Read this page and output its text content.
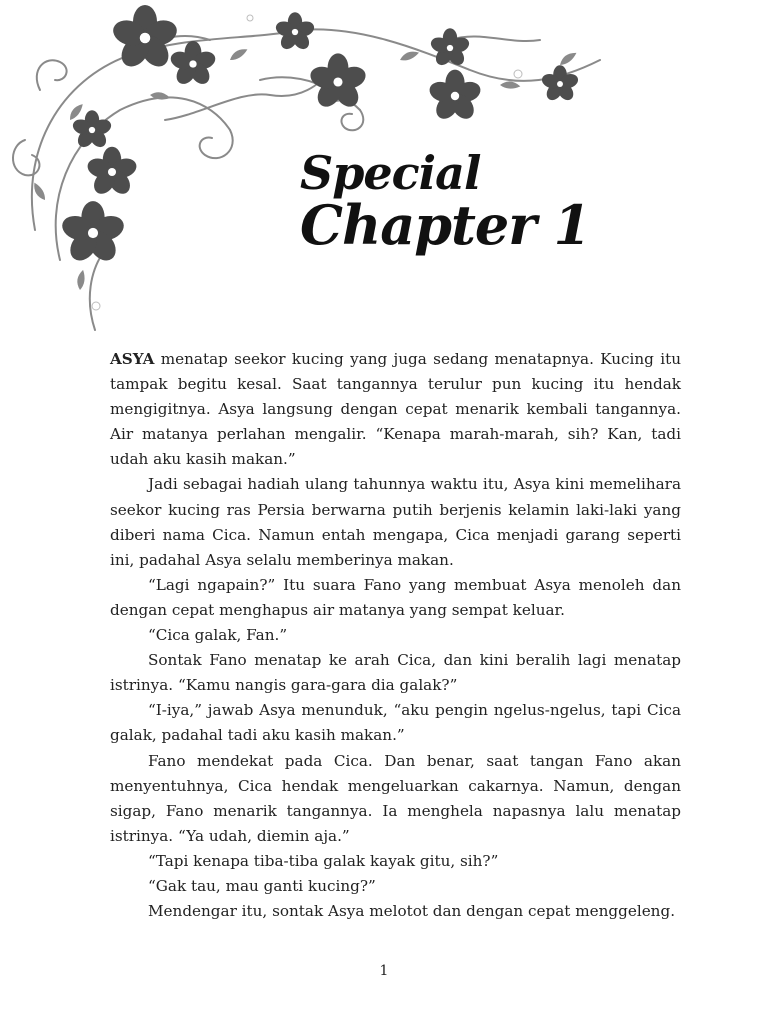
Special
Chapter 1

ASYA menatap seekor kucing yang juga sedang menatapnya. Kucing itu tampak begitu kesal. Saat tangannya terulur pun kucing itu hendak mengigitnya. Asya langsung dengan cepat menarik kembali tangannya. Air matanya perlahan mengalir. “Kenapa marah-marah, sih? Kan, tadi udah aku kasih makan.”

Jadi sebagai hadiah ulang tahunnya waktu itu, Asya kini memelihara seekor kucing ras Persia berwarna putih berjenis kelamin laki-laki yang diberi nama Cica. Namun entah mengapa, Cica menjadi garang seperti ini, padahal Asya selalu memberinya makan.

“Lagi ngapain?” Itu suara Fano yang membuat Asya menoleh dan dengan cepat menghapus air matanya yang sempat keluar.

“Cica galak, Fan.”

Sontak Fano menatap ke arah Cica, dan kini beralih lagi menatap istrinya. “Kamu nangis gara-gara dia galak?”

“I-iya,” jawab Asya menunduk, “aku pengin ngelus-ngelus, tapi Cica galak, padahal tadi aku kasih makan.”

Fano mendekat pada Cica. Dan benar, saat tangan Fano akan menyentuhnya, Cica hendak mengeluarkan cakarnya. Namun, dengan sigap, Fano menarik tangannya. Ia menghela napasnya lalu menatap istrinya. “Ya udah, diemin aja.”

“Tapi kenapa tiba-tiba galak kayak gitu, sih?”

“Gak tau, mau ganti kucing?”

Mendengar itu, sontak Asya melotot dan dengan cepat menggeleng.

1
